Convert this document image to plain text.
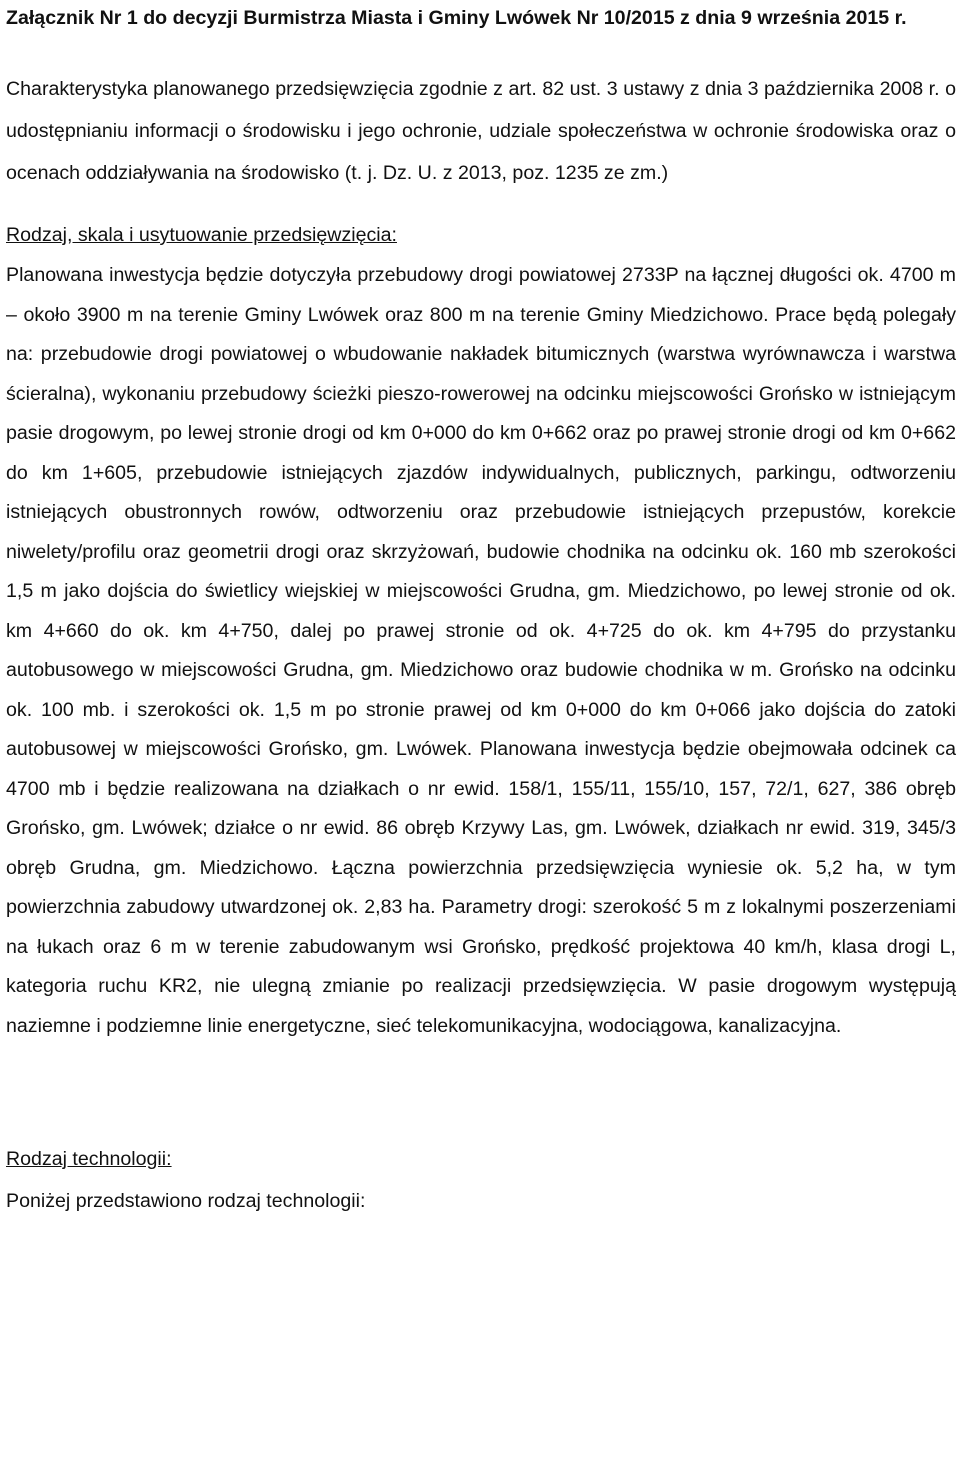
Załącznik Nr 1 do decyzji Burmistrza Miasta i Gminy Lwówek Nr 10/2015 z dnia 9 września 2015 r.

Charakterystyka planowanego przedsięwzięcia zgodnie z art. 82 ust. 3 ustawy z dnia 3 października 2008 r. o udostępnianiu informacji o środowisku i jego ochronie, udziale społeczeństwa w ochronie środowiska oraz o ocenach oddziaływania na środowisko (t. j. Dz. U. z 2013, poz. 1235 ze zm.)

Rodzaj, skala i usytuowanie przedsięwzięcia:

Planowana inwestycja będzie dotyczyła przebudowy drogi powiatowej 2733P na łącznej długości ok. 4700 m – około 3900 m na terenie Gminy Lwówek oraz 800 m na terenie Gminy Miedzichowo. Prace będą polegały na: przebudowie drogi powiatowej o wbudowanie nakładek bitumicznych (warstwa wyrównawcza i warstwa ścieralna), wykonaniu przebudowy ścieżki pieszo-rowerowej na odcinku miejscowości Grońsko w istniejącym pasie drogowym, po lewej stronie drogi od km 0+000 do km 0+662 oraz po prawej stronie drogi od km 0+662 do km 1+605, przebudowie istniejących zjazdów indywidualnych, publicznych, parkingu, odtworzeniu istniejących obustronnych rowów, odtworzeniu oraz przebudowie istniejących przepustów, korekcie niwelety/profilu oraz geometrii drogi oraz skrzyżowań, budowie chodnika na odcinku ok. 160 mb szerokości 1,5 m jako dojścia do świetlicy wiejskiej w miejscowości Grudna, gm. Miedzichowo, po lewej stronie od ok. km 4+660 do ok. km 4+750, dalej po prawej stronie od ok. 4+725 do ok. km 4+795 do przystanku autobusowego w miejscowości Grudna, gm. Miedzichowo oraz budowie chodnika w m. Grońsko na odcinku ok. 100 mb. i szerokości ok. 1,5 m po stronie prawej od km 0+000 do km 0+066 jako dojścia do zatoki autobusowej w miejscowości Grońsko, gm. Lwówek. Planowana inwestycja będzie obejmowała odcinek ca 4700 mb i będzie realizowana na działkach o nr ewid. 158/1, 155/11, 155/10, 157, 72/1, 627, 386 obręb Grońsko, gm. Lwówek; działce o nr ewid. 86 obręb Krzywy Las, gm. Lwówek, działkach nr ewid. 319, 345/3 obręb Grudna, gm. Miedzichowo. Łączna powierzchnia przedsięwzięcia wyniesie ok. 5,2 ha, w tym powierzchnia zabudowy utwardzonej ok. 2,83 ha. Parametry drogi: szerokość 5 m z lokalnymi poszerzeniami na łukach oraz 6 m w terenie zabudowanym wsi Grońsko, prędkość projektowa 40 km/h, klasa drogi L, kategoria ruchu KR2, nie ulegną zmianie po realizacji przedsięwzięcia. W pasie drogowym występują naziemne i podziemne linie energetyczne, sieć telekomunikacyjna, wodociągowa, kanalizacyjna.

Rodzaj technologii:

Poniżej przedstawiono rodzaj technologii:
